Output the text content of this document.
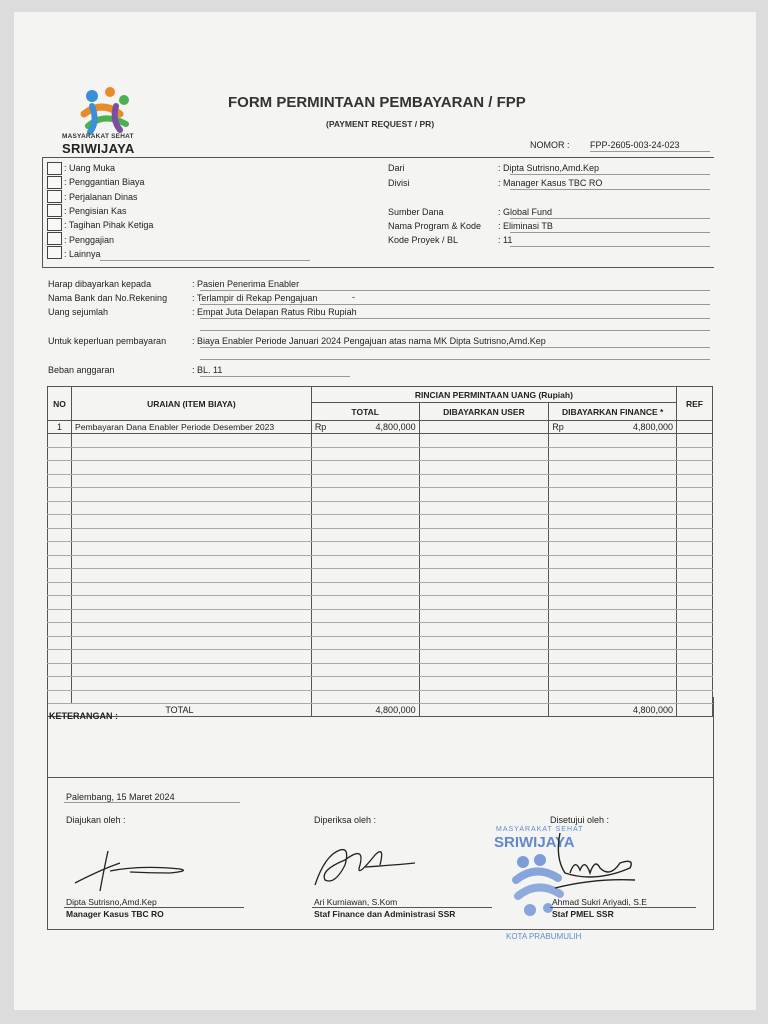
MASYARAKAT SEHAT
SRIWIJAYA
FORM PERMINTAAN PEMBAYARAN / FPP
(PAYMENT REQUEST / PR)
NOMOR : FPP-2605-003-24-023
: Uang Muka
: Penggantian Biaya
: Perjalanan Dinas
: Pengisian Kas
: Tagihan Pihak Ketiga
: Penggajian
: Lainnya
Dari	: Dipta Sutrisno,Amd.Kep
Divisi	: Manager Kasus TBC RO
Sumber Dana	: Global Fund
Nama Program & Kode : Eliminasi TB
Kode Proyek / BL	: 11
Harap dibayarkan kepada	: Pasien Penerima Enabler
Nama Bank dan No.Rekening	: Terlampir di Rekap Pengajuan	-
Uang sejumlah	: Empat Juta Delapan Ratus Ribu Rupiah
Untuk keperluan pembayaran	: Biaya Enabler Periode Januari 2024 Pengajuan atas nama MK Dipta Sutrisno,Amd.Kep
Beban anggaran	: BL. 11
NO	URAIAN (ITEM BIAYA)	RINCIAN PERMINTAAN UANG (Rupiah)			REF
		TOTAL	DIBAYARKAN USER	DIBAYARKAN FINANCE *	
1	Pembayaran Dana Enabler Periode Desember 2023	Rp 4,800,000		Rp 4,800,000	

TOTAL		4,800,000		4,800,000	
KETERANGAN :
Palembang, 15 Maret 2024
Diajukan oleh :	Diperiksa oleh :	Disetujui oleh :
MASYARAKAT SEHAT
SRIWIJAYA
KOTA PRABUMULIH
Dipta Sutrisno,Amd.Kep
Manager Kasus TBC RO
Ari Kurniawan, S.Kom
Staf Finance dan Administrasi SSR
Ahmad Sukri Ariyadi, S.E
Staf PMEL SSR
